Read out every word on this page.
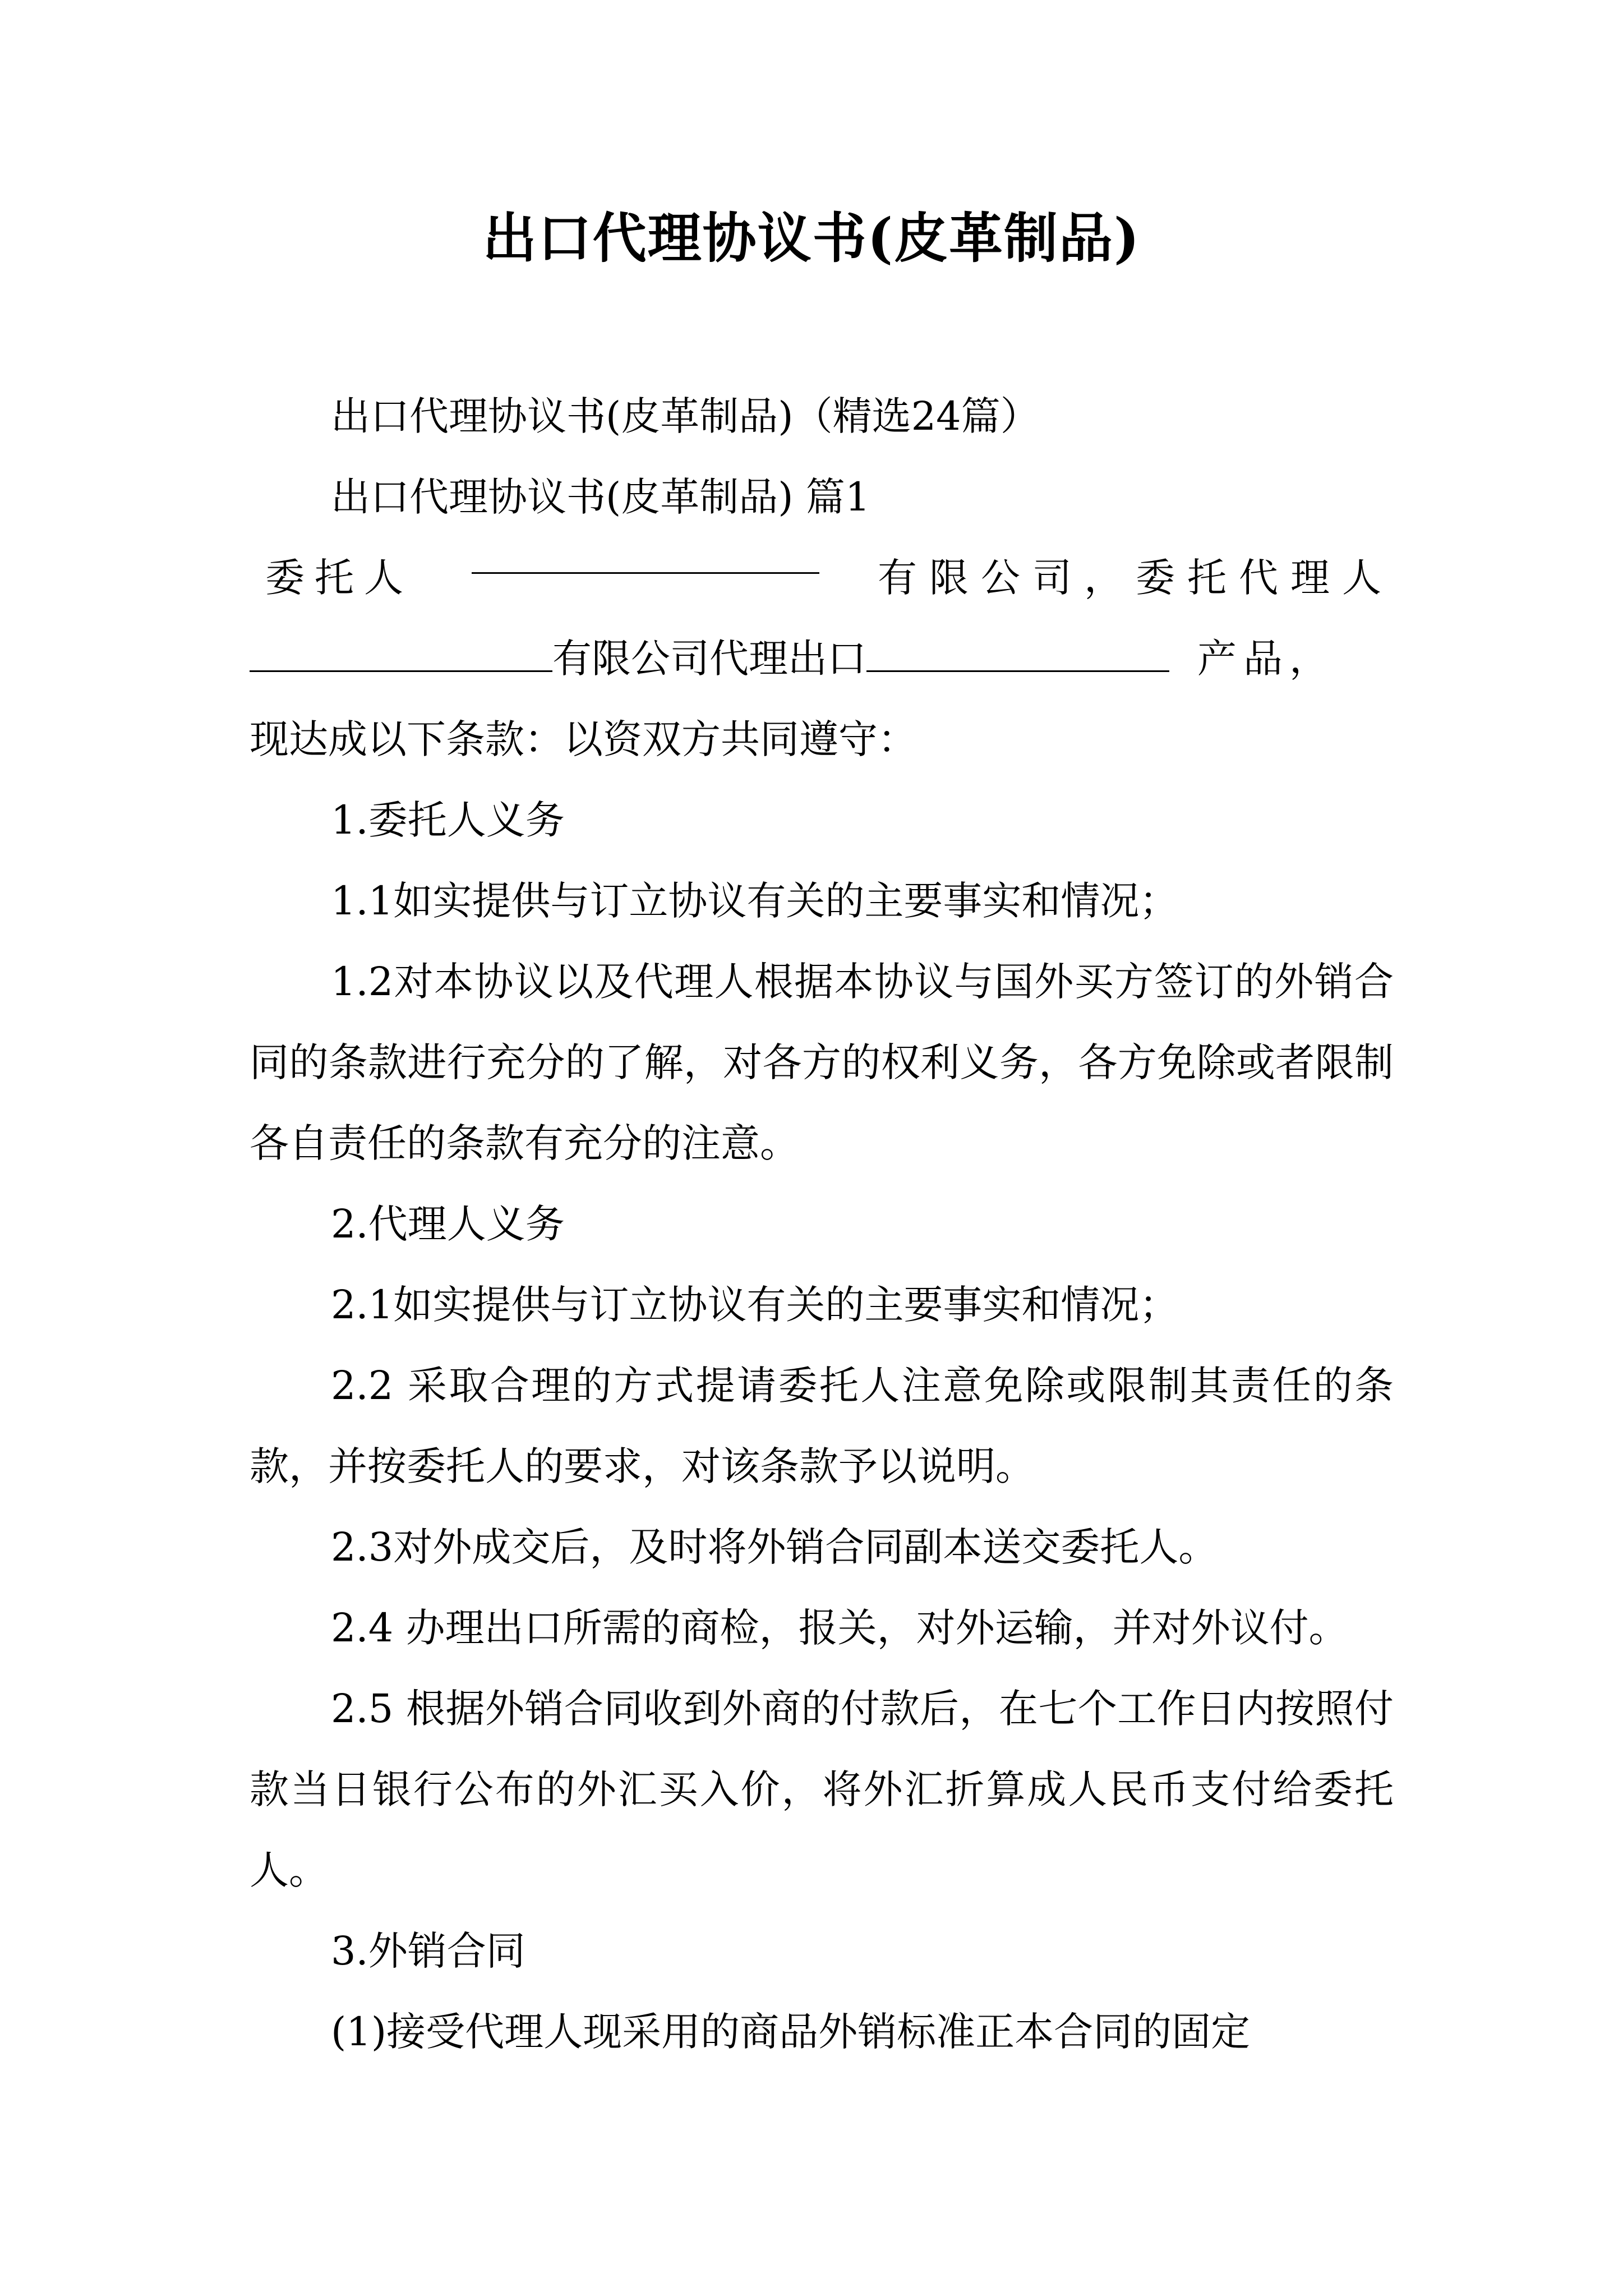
出口代理协议书(皮革制品)

出口代理协议书(皮革制品)（精选24篇）

出口代理协议书(皮革制品) 篇1

委托人	有限公司，委托代理人
有限公司代理出口	产品，
现达成以下条款：以资双方共同遵守：

1.委托人义务

1.1如实提供与订立协议有关的主要事实和情况；

1.2对本协议以及代理人根据本协议与国外买方签订的外销合同的条款进行充分的了解，对各方的权利义务，各方免除或者限制各自责任的条款有充分的注意。

2.代理人义务

2.1如实提供与订立协议有关的主要事实和情况；

2.2 采取合理的方式提请委托人注意免除或限制其责任的条款，并按委托人的要求，对该条款予以说明。

2.3对外成交后，及时将外销合同副本送交委托人。

2.4 办理出口所需的商检，报关，对外运输，并对外议付。

2.5 根据外销合同收到外商的付款后，在七个工作日内按照付款当日银行公布的外汇买入价，将外汇折算成人民币支付给委托人。

3.外销合同

(1)接受代理人现采用的商品外销标准正本合同的固定
